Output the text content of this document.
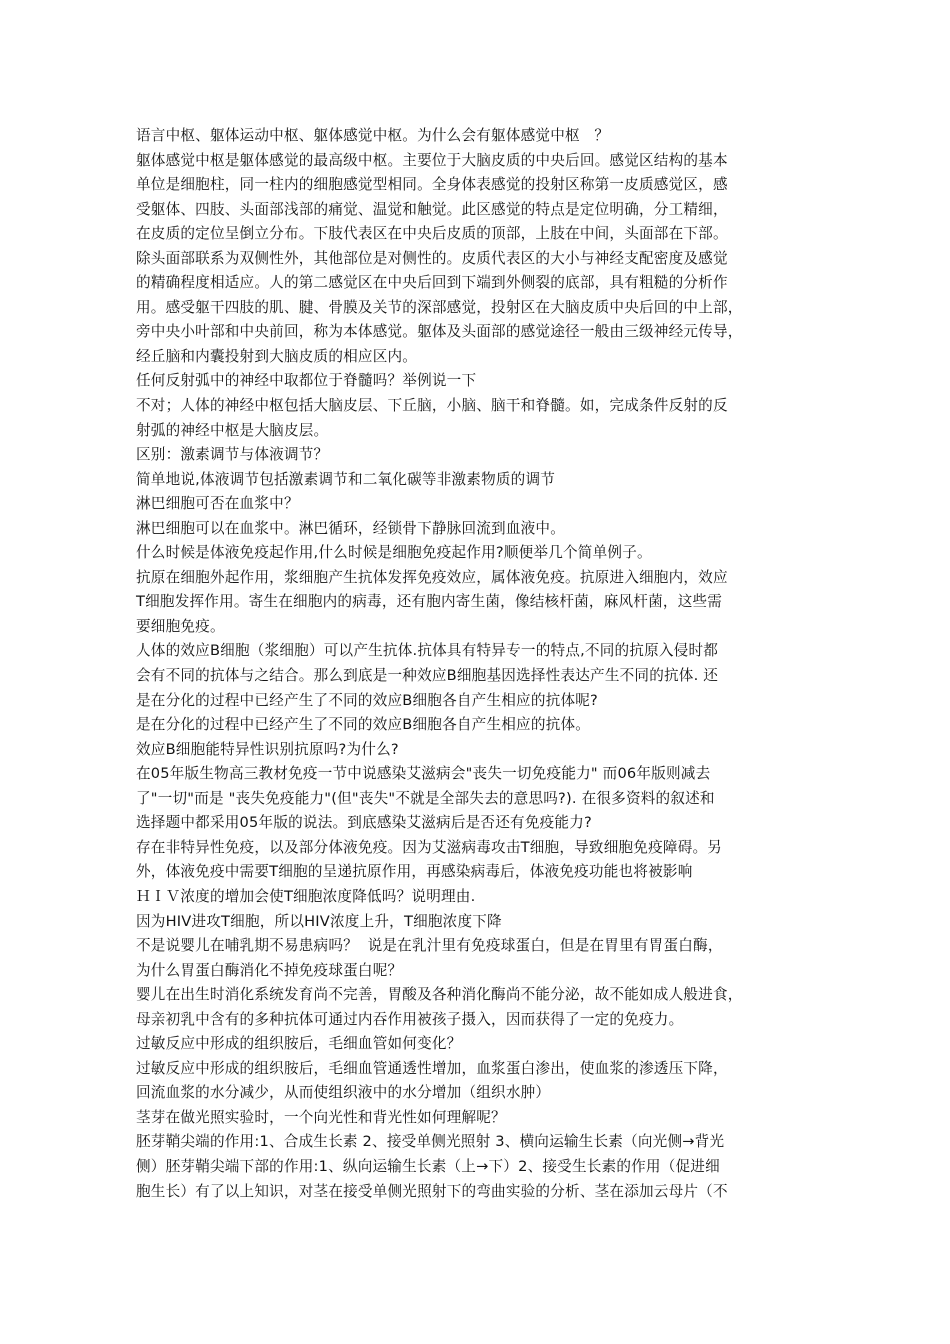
语言中枢、躯体运动中枢、躯体感觉中枢。为什么会有躯体感觉中枢   ？
躯体感觉中枢是躯体感觉的最高级中枢。主要位于大脑皮质的中央后回。感觉区结构的基本
单位是细胞柱，同一柱内的细胞感觉型相同。全身体表感觉的投射区称第一皮质感觉区，感
受躯体、四肢、头面部浅部的痛觉、温觉和触觉。此区感觉的特点是定位明确，分工精细，
在皮质的定位呈倒立分布。下肢代表区在中央后皮质的顶部，上肢在中间，头面部在下部。
除头面部联系为双侧性外，其他部位是对侧性的。皮质代表区的大小与神经支配密度及感觉
的精确程度相适应。人的第二感觉区在中央后回到下端到外侧裂的底部，具有粗糙的分析作
用。感受躯干四肢的肌、腱、骨膜及关节的深部感觉，投射区在大脑皮质中央后回的中上部，
旁中央小叶部和中央前回，称为本体感觉。躯体及头面部的感觉途径一般由三级神经元传导，
经丘脑和内囊投射到大脑皮质的相应区内。
任何反射弧中的神经中取都位于脊髓吗？举例说一下
不对；人体的神经中枢包括大脑皮层、下丘脑，小脑、脑干和脊髓。如，完成条件反射的反
射弧的神经中枢是大脑皮层。
区别：激素调节与体液调节？
简单地说,体液调节包括激素调节和二氧化碳等非激素物质的调节
淋巴细胞可否在血浆中？
淋巴细胞可以在血浆中。淋巴循环，经锁骨下静脉回流到血液中。
什么时候是体液免疫起作用,什么时候是细胞免疫起作用?顺便举几个简单例子。
抗原在细胞外起作用，浆细胞产生抗体发挥免疫效应，属体液免疫。抗原进入细胞内，效应
T细胞发挥作用。寄生在细胞内的病毒，还有胞内寄生菌，像结核杆菌，麻风杆菌，这些需
要细胞免疫。
人体的效应B细胞（浆细胞）可以产生抗体.抗体具有特异专一的特点,不同的抗原入侵时都
会有不同的抗体与之结合。那么到底是一种效应B细胞基因选择性表达产生不同的抗体. 还
是在分化的过程中已经产生了不同的效应B细胞各自产生相应的抗体呢?
是在分化的过程中已经产生了不同的效应B细胞各自产生相应的抗体。
效应B细胞能特异性识别抗原吗?为什么?
在05年版生物高三教材免疫一节中说感染艾滋病会"丧失一切免疫能力" 而06年版则减去
了"一切"而是 "丧失免疫能力"(但"丧失"不就是全部失去的意思吗?). 在很多资料的叙述和
选择题中都采用05年版的说法。到底感染艾滋病后是否还有免疫能力?
存在非特异性免疫，以及部分体液免疫。因为艾滋病毒攻击T细胞，导致细胞免疫障碍。另
外，体液免疫中需要T细胞的呈递抗原作用，再感染病毒后，体液免疫功能也将被影响
ＨＩＶ浓度的增加会使T细胞浓度降低吗？说明理由.
因为HIV进攻T细胞，所以HIV浓度上升，T细胞浓度下降
不是说婴儿在哺乳期不易患病吗？  说是在乳汁里有免疫球蛋白，但是在胃里有胃蛋白酶，
为什么胃蛋白酶消化不掉免疫球蛋白呢？
婴儿在出生时消化系统发育尚不完善，胃酸及各种消化酶尚不能分泌，故不能如成人般进食，
母亲初乳中含有的多种抗体可通过内吞作用被孩子摄入，因而获得了一定的免疫力。
过敏反应中形成的组织胺后，毛细血管如何变化？
过敏反应中形成的组织胺后，毛细血管通透性增加，血浆蛋白渗出，使血浆的渗透压下降，
回流血浆的水分减少，从而使组织液中的水分增加（组织水肿）
茎芽在做光照实验时，一个向光性和背光性如何理解呢？
胚芽鞘尖端的作用:1、合成生长素 2、接受单侧光照射 3、横向运输生长素（向光侧→背光
侧）胚芽鞘尖端下部的作用:1、纵向运输生长素（上→下）2、接受生长素的作用（促进细
胞生长）有了以上知识，对茎在接受单侧光照射下的弯曲实验的分析、茎在添加云母片（不
